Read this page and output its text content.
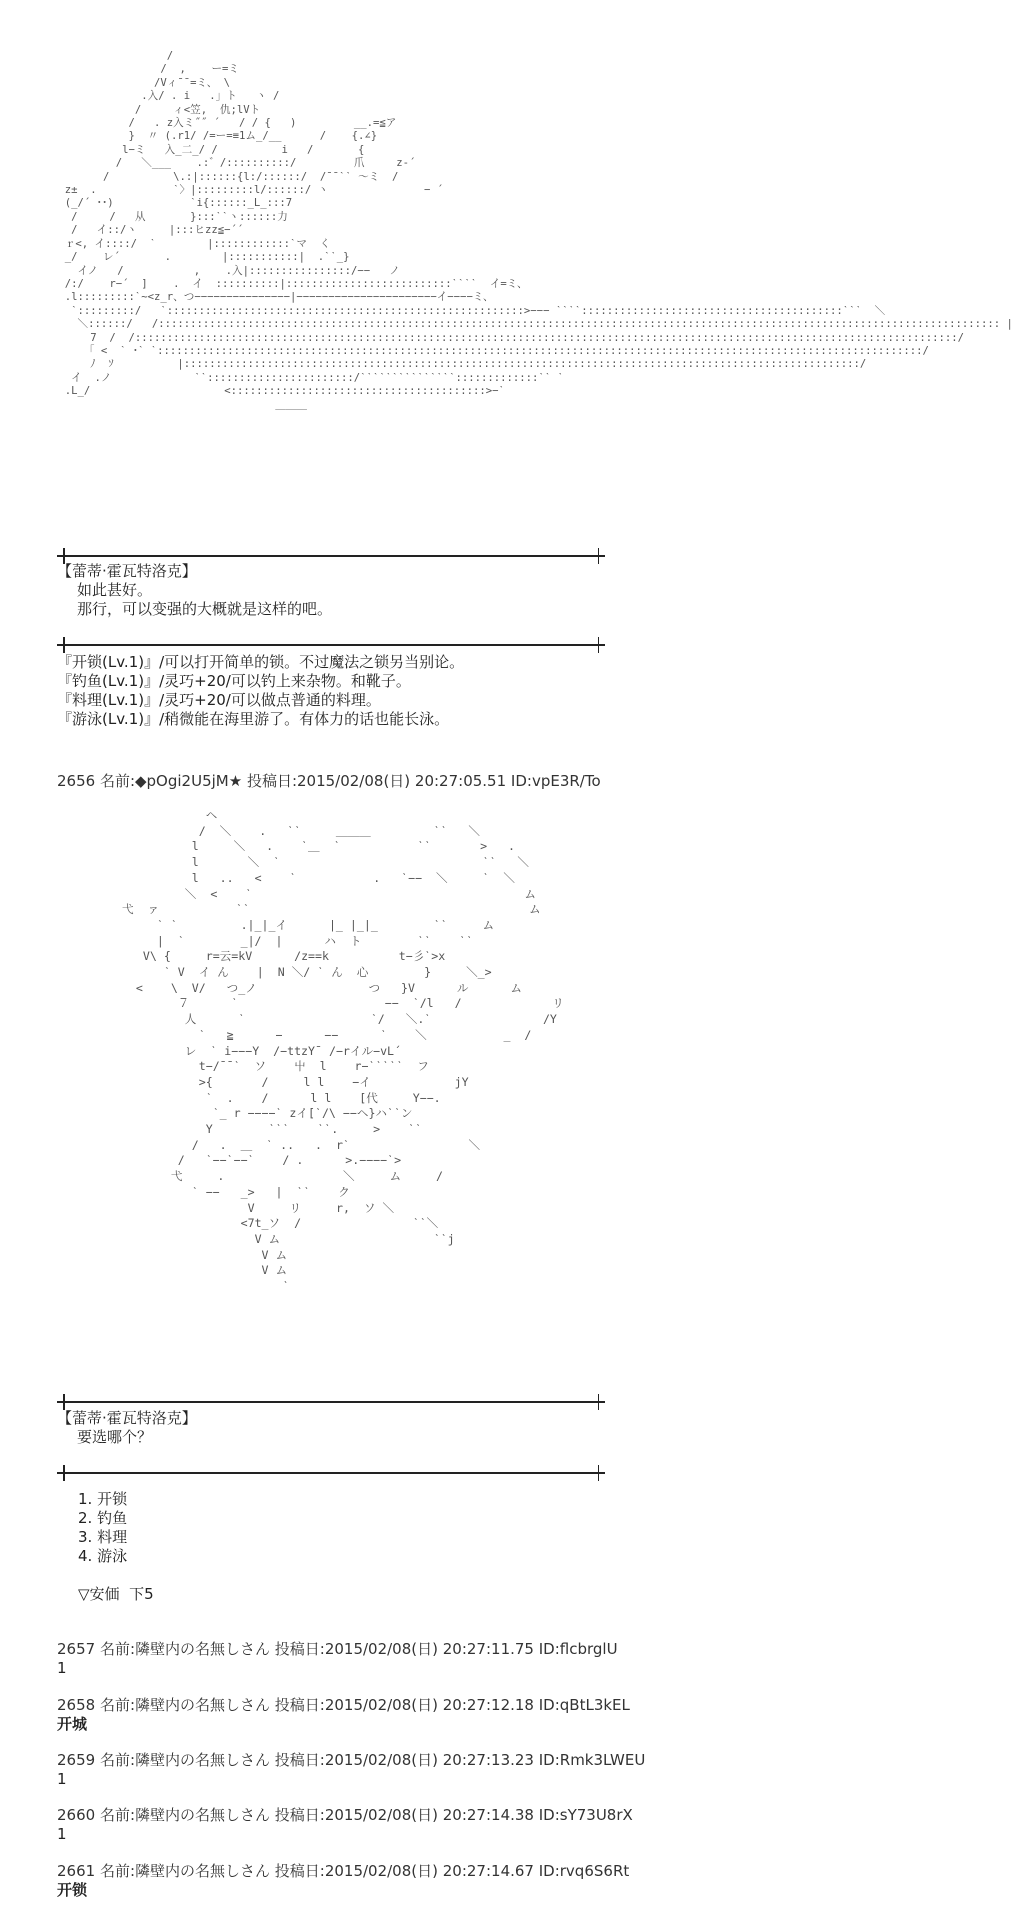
/
/  ,    ー=ミ
/Vィ¯¯=ミ、 \
.入/ . i   .」ト   ヽ /
/     ィ<笠,  仇;lVト
/   . z入ミ˝˝ ´   / / {   )         __.=≦ア
}  〃 (.r1/ /=ー=≡1ム_/__      /    {.∠}
l−ミ   入_二_/ /          i   /       {
/   ＼___    .:゛/::::::::::/         爪     z-´
/          \.:|::::::{l:/::::::/  /¯¯ˋˋ ～ミ  /
z±  .            ˋ〉|:::::::::l/::::::/ ヽ               − ´
(_/´ ･･)            ˋi{::::::_L_:::7
/     /   从       }:::ˋˋヽ::::::力
/   イ::/ヽ     |:::ヒzz≦−´´
ｒ<, イ::::/  ˋ        |::::::::::::ˋマ  く
_/    レ´       .        |:::::::::::|  .ˋˋ_}
イノ   /           ,    .入|::::::::::::::::/−−   ノ
/:/    r−´  ]    .  イ  ::::::::::|::::::::::::::::::::::::::ˋˋˋˋ  イ=ミ、
.l:::::::::ˋ~<z_r、つ−−−−−−−−−−−−−−−|−−−−−−−−−−−−−−−−−−−−−−イ−−−−ミ、
ˋ:::::::::/   ˋ::::::::::::::::::::::::::::::::::::::::::::::::::::::::>−−− ˋˋˋˋ:::::::::::::::::::::::::::::::::::::::::ˋˋˋ  ＼
＼::::::/   /:::::::::::::::::::::::::::::::::::::::::::::::::::::::::::::::::::::::::::::::::::::::::::::::::::::::::::::::::::::::::::::::::::: |
7  /  /:::::::::::::::::::::::::::::::::::::::::::::::::::::::::::::::::::::::::::::::::::::::::::::::::::::::::::::::::::::::::::::::::/
「 <  ˋ ･ˋ ˋ::::::::::::::::::::::::::::::::::::::::::::::::::::::::::::::::::::::::::::::::::::::::::::::::::::::::::::::::::::::::/
ﾉ  ｿ          |::::::::::::::::::::::::::::::::::::::::::::::::::::::::::::::::::::::::::::::::::::::::::::::::::::::::::/
イ  .ノ             ˋˋ:::::::::::::::::::::::/ˋˋˋˋˋˋˋˋˋˋˋˋˋˋˋ:::::::::::::ˋˋ ˋ
.L_/                     <::::::::::::::::::::::::::::::::::::::::>−ˋ
＿＿＿
【蕾蒂·霍瓦特洛克】
如此甚好。
那行，可以变强的大概就是这样的吧。
『开锁(Lv.1)』/可以打开简单的锁。不过魔法之锁另当别论。
『钓鱼(Lv.1)』/灵巧+20/可以钓上来杂物。和靴子。
『料理(Lv.1)』/灵巧+20/可以做点普通的料理。
『游泳(Lv.1)』/稍微能在海里游了。有体力的话也能长泳。
2656 名前:◆pOgi2U5jM★ 投稿日:2015/02/08(日) 20:27:05.51 ID:vpE3R/To
ヘ
/  ＼    .   ˋˋ     ＿＿＿         ˋˋ   ＼
l     ＼   .    ˋ＿  ˋ           ˋˋ       >   .
l       ＼  ˋ                             ˋˋ   ＼
l   ..   <    ˋ           .   ˋ−−  ＼     ˋ  ＼
＼  <    ˋ                                       ム
弋  ァ           ˋˋ                                        ム
ˋ ˋ         .|_|_イ      |_ |_|_        ˋˋ     ム
|  ˋ        _|/  |      ハ  ト        ˋˋ    ˋˋ
V\ {     r=云=kV      /z==k          t−彡ˋ>x
ˋ V  イ ん    |  N ＼/ ˋ ん  心        }     ＼_>
<    \  V/   つ_ノ                つ   }V      ル      ム
７      ˋ                     −−  ˋ/l   /             リ
人      ˋ                  ˋ/   ＼.ˋ                /Y
ˋ   ≧      −      −−      ˋ    ＼           _  /
レ  ˋ i−−−Y  /−ttzY¯ /−rイル−vL´
t−/¯¯ˋ  ソ    屮  l    r−ˋˋˋˋˋ  フ
>{       /     l l    −イ            jY
ˋ  .    /      l l    [代     Y−−.
ˋ_ r −−−−ˋ zイ[ˋ/\ −−ヘ}ハˋˋン
Y        ˋˋˋ    ˋˋ.     >    ˋˋ
/   .  ＿  ˋ ..   .  rˋ                 ＼
/   ˋ−−ˋ−−ˋ    / .      >.−−−−ˋ>
弋     .                 ＼     ム     /
ˋ −−   _>   |  ˋˋ    ク
V     リ     r,  ソ ＼
<7t_ソ  /                ˋˋ＼
V ム                      ˋˋj
V ム
V ム
ˋ
【蕾蒂·霍瓦特洛克】
要选哪个？
1. 开锁
2. 钓鱼
3. 料理
4. 游泳
▽安価  下5
2657 名前:隣壁内の名無しさん 投稿日:2015/02/08(日) 20:27:11.75 ID:flcbrglU
1
2658 名前:隣壁内の名無しさん 投稿日:2015/02/08(日) 20:27:12.18 ID:qBtL3kEL
开城
2659 名前:隣壁内の名無しさん 投稿日:2015/02/08(日) 20:27:13.23 ID:Rmk3LWEU
1
2660 名前:隣壁内の名無しさん 投稿日:2015/02/08(日) 20:27:14.38 ID:sY73U8rX
1
2661 名前:隣壁内の名無しさん 投稿日:2015/02/08(日) 20:27:14.67 ID:rvq6S6Rt
开锁
